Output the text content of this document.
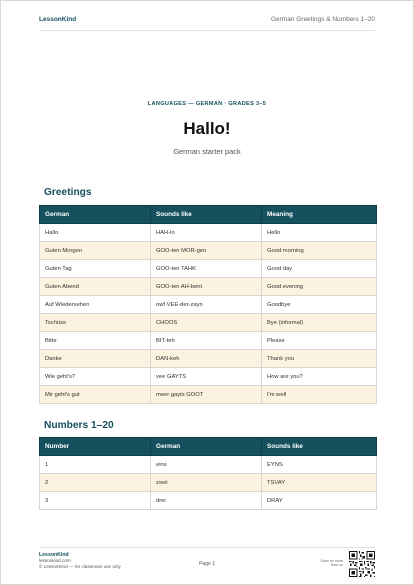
LessonKind	German Greetings & Numbers 1–20
LANGUAGES — GERMAN · GRADES 3–5
Hallo!
German starter pack
Greetings
German	Sounds like	Meaning
Hallo	HAH-lo	Hello
Guten Morgen	GOO-ten MOR-gen	Good morning
Guten Tag	GOO-ten TAHK	Good day
Guten Abend	GOO-ten AH-bent	Good evening
Auf Wiedersehen	owf VEE-der-zayn	Goodbye
Tschüss	CHOOS	Bye (informal)
Bitte	BIT-teh	Please
Danke	DAN-keh	Thank you
Wie geht's?	vee GAYTS	How are you?
Mir geht's gut	meer gayts GOOT	I'm well
Numbers 1–20
Number	German	Sounds like
1	eins	EYNS
2	zwei	TSVAY
3	drei	DRAY
LessonKind
lessonkind.com
© LessonKind — for classroom use only	Page 1	Scan for more from us
